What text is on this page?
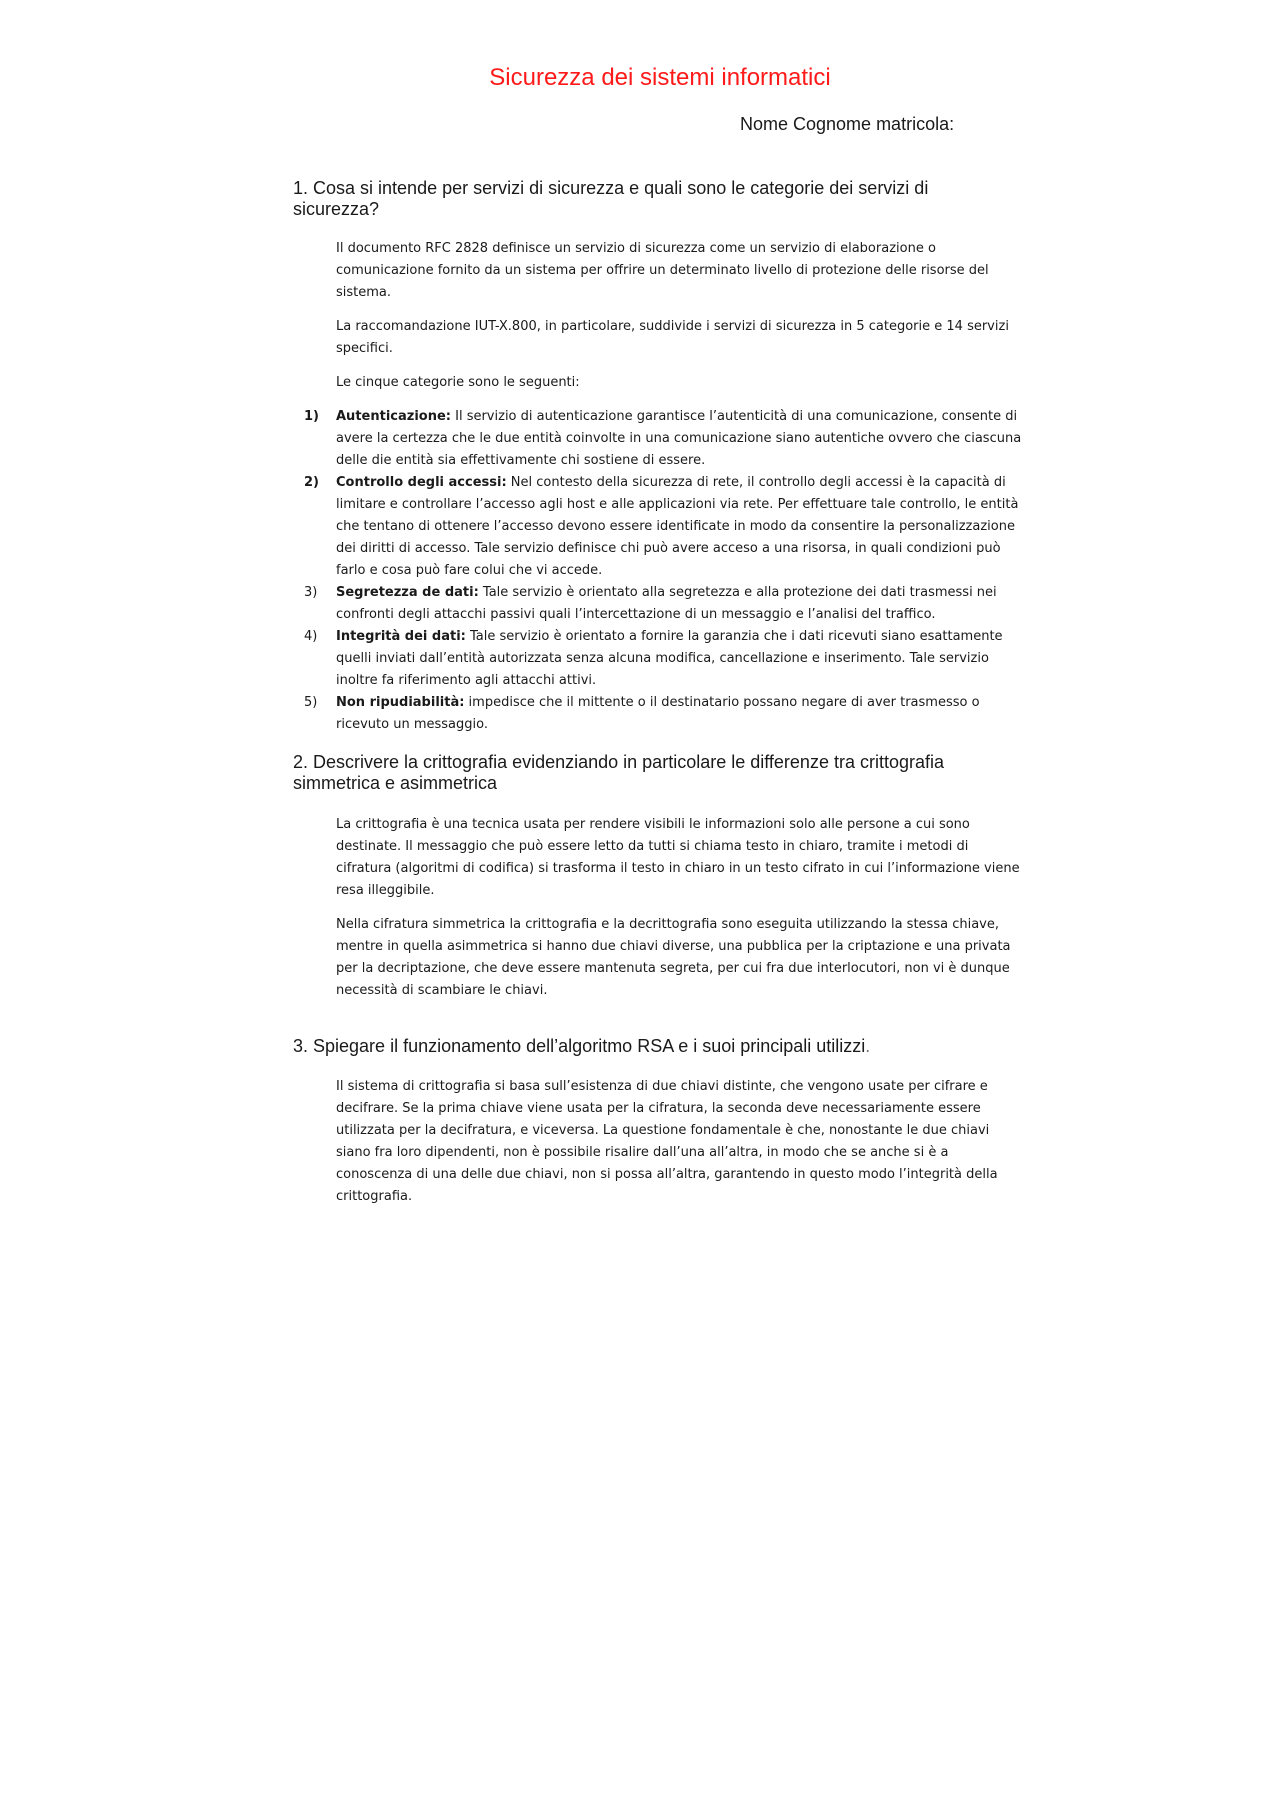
Sicurezza dei sistemi informatici
Nome Cognome matricola:
1. Cosa si intende per servizi di sicurezza e quali sono le categorie dei servizi di sicurezza?

Il documento RFC 2828 definisce un servizio di sicurezza come un servizio di elaborazione o comunicazione fornito da un sistema per offrire un determinato livello di protezione delle risorse del sistema.

La raccomandazione IUT-X.800, in particolare, suddivide i servizi di sicurezza in 5 categorie e 14 servizi specifici.

Le cinque categorie sono le seguenti:

1) Autenticazione: Il servizio di autenticazione garantisce l’autenticità di una comunicazione, consente di avere la certezza che le due entità coinvolte in una comunicazione siano autentiche ovvero che ciascuna delle die entità sia effettivamente chi sostiene di essere.
2) Controllo degli accessi: Nel contesto della sicurezza di rete, il controllo degli accessi è la capacità di limitare e controllare l’accesso agli host e alle applicazioni via rete. Per effettuare tale controllo, le entità che tentano di ottenere l’accesso devono essere identificate in modo da consentire la personalizzazione dei diritti di accesso. Tale servizio definisce chi può avere acceso a una risorsa, in quali condizioni può farlo e cosa può fare colui che vi accede.
3) Segretezza de dati: Tale servizio è orientato alla segretezza e alla protezione dei dati trasmessi nei confronti degli attacchi passivi quali l’intercettazione di un messaggio e l’analisi del traffico.
4) Integrità dei dati: Tale servizio è orientato a fornire la garanzia che i dati ricevuti siano esattamente quelli inviati dall’entità autorizzata senza alcuna modifica, cancellazione e inserimento. Tale servizio inoltre fa riferimento agli attacchi attivi.
5) Non ripudiabilità: impedisce che il mittente o il destinatario possano negare di aver trasmesso o ricevuto un messaggio.
2. Descrivere la crittografia evidenziando in particolare le differenze tra crittografia simmetrica e asimmetrica

La crittografia è una tecnica usata per rendere visibili le informazioni solo alle persone a cui sono destinate. Il messaggio che può essere letto da tutti si chiama testo in chiaro, tramite i metodi di cifratura (algoritmi di codifica) si trasforma il testo in chiaro in un testo cifrato in cui l’informazione viene resa illeggibile.

Nella cifratura simmetrica la crittografia e la decrittografia sono eseguita utilizzando la stessa chiave, mentre in quella asimmetrica si hanno due chiavi diverse, una pubblica per la criptazione e una privata per la decriptazione, che deve essere mantenuta segreta, per cui fra due interlocutori, non vi è dunque necessità di scambiare le chiavi.

3. Spiegare il funzionamento dell’algoritmo RSA e i suoi principali utilizzi.

Il sistema di crittografia si basa sull’esistenza di due chiavi distinte, che vengono usate per cifrare e decifrare. Se la prima chiave viene usata per la cifratura, la seconda deve necessariamente essere utilizzata per la decifratura, e viceversa. La questione fondamentale è che, nonostante le due chiavi siano fra loro dipendenti, non è possibile risalire dall’una all’altra, in modo che se anche si è a conoscenza di una delle due chiavi, non si possa all’altra, garantendo in questo modo l’integrità della crittografia.
